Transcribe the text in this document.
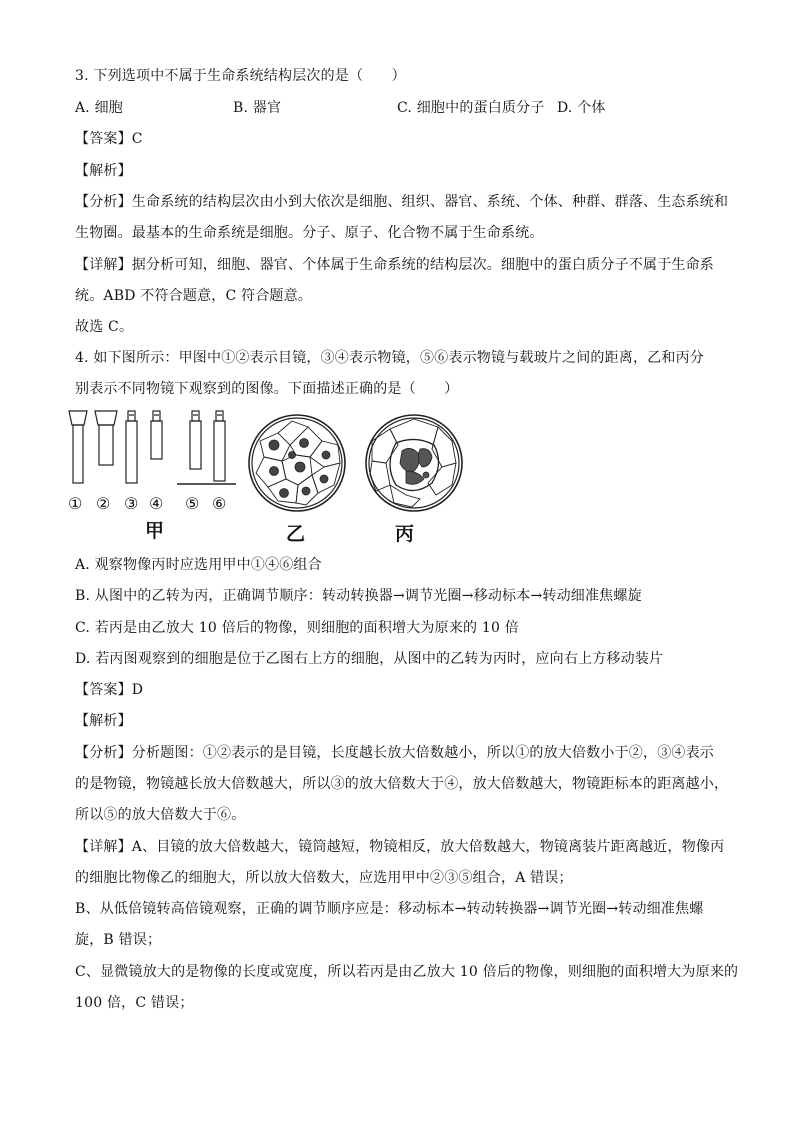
3. 下列选项中不属于生命系统结构层次的是（　　）
A. 细胞	B. 器官	C. 细胞中的蛋白质分子 D. 个体
【答案】C
【解析】
【分析】生命系统的结构层次由小到大依次是细胞、组织、器官、系统、个体、种群、群落、生态系统和
生物圈。最基本的生命系统是细胞。分子、原子、化合物不属于生命系统。
【详解】据分析可知，细胞、器官、个体属于生命系统的结构层次。细胞中的蛋白质分子不属于生命系
统。ABD 不符合题意，C 符合题意。
故选 C。
4. 如下图所示：甲图中①②表示目镜，③④表示物镜，⑤⑥表示物镜与载玻片之间的距离，乙和丙分
别表示不同物镜下观察到的图像。下面描述正确的是（　　）
① ② ③ ④ ⑤ ⑥
甲	乙	丙
A. 观察物像丙时应选用甲中①④⑥组合
B. 从图中的乙转为丙，正确调节顺序：转动转换器→调节光圈→移动标本→转动细准焦螺旋
C. 若丙是由乙放大 10 倍后的物像，则细胞的面积增大为原来的 10 倍
D. 若丙图观察到的细胞是位于乙图右上方的细胞，从图中的乙转为丙时，应向右上方移动装片
【答案】D
【解析】
【分析】分析题图：①②表示的是目镜，长度越长放大倍数越小，所以①的放大倍数小于②，③④表示
的是物镜，物镜越长放大倍数越大，所以③的放大倍数大于④，放大倍数越大，物镜距标本的距离越小，
所以⑤的放大倍数大于⑥。
【详解】A、目镜的放大倍数越大，镜筒越短，物镜相反，放大倍数越大，物镜离装片距离越近，物像丙
的细胞比物像乙的细胞大，所以放大倍数大，应选用甲中②③⑤组合，A 错误；
B、从低倍镜转高倍镜观察，正确的调节顺序应是：移动标本→转动转换器→调节光圈→转动细准焦螺
旋，B 错误；
C、显微镜放大的是物像的长度或宽度，所以若丙是由乙放大 10 倍后的物像，则细胞的面积增大为原来的
100 倍，C 错误；
